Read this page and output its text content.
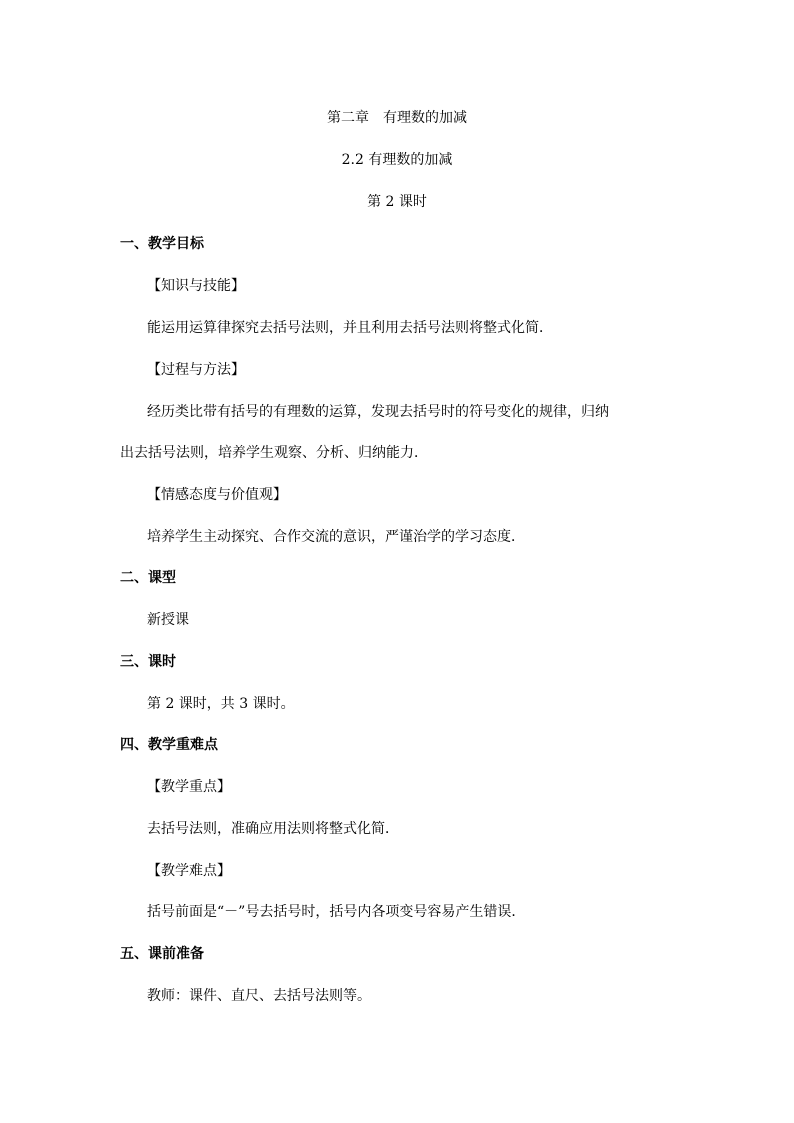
第二章　有理数的加减
2.2 有理数的加减
第 2 课时
一、教学目标
【知识与技能】
能运用运算律探究去括号法则，并且利用去括号法则将整式化简．
【过程与方法】
经历类比带有括号的有理数的运算，发现去括号时的符号变化的规律，归纳
出去括号法则，培养学生观察、分析、归纳能力．
【情感态度与价值观】
培养学生主动探究、合作交流的意识，严谨治学的学习态度．
二、课型
新授课
三、课时
第 2 课时，共 3 课时。
四、教学重难点
【教学重点】
去括号法则，准确应用法则将整式化简．
【教学难点】
括号前面是“－”号去括号时，括号内各项变号容易产生错误．
五、课前准备
教师：课件、直尺、去括号法则等。
